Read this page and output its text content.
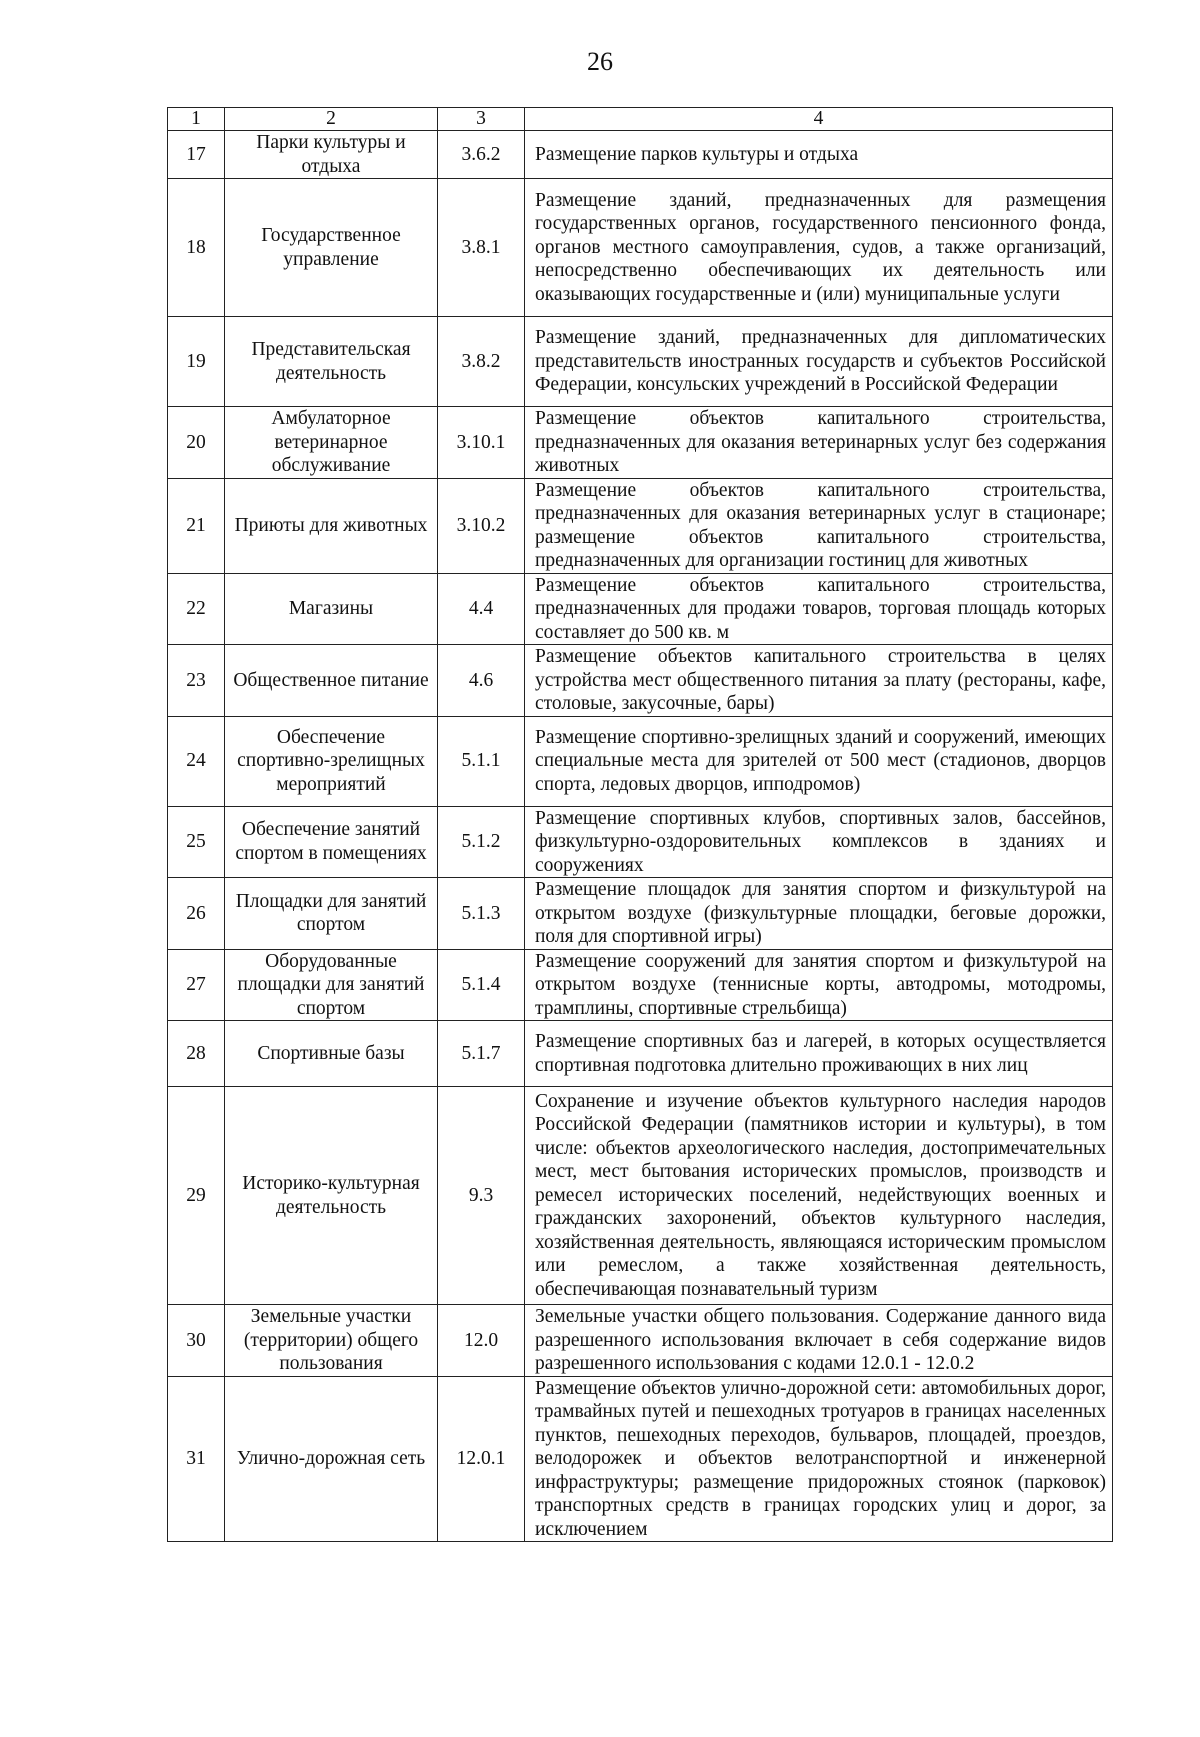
26
1	2	3	4
17	Парки культуры и отдыха	3.6.2	Размещение парков культуры и отдыха
18	Государственное управление	3.8.1	Размещение зданий, предназначенных для размещения государственных органов, государственного пенсионного фонда, органов местного самоуправления, судов, а также организаций, непосредственно обеспечивающих их деятельность или оказывающих государственные и (или) муниципальные услуги
19	Представительская деятельность	3.8.2	Размещение зданий, предназначенных для дипломатических представительств иностранных государств и субъектов Российской Федерации, консульских учреждений в Российской Федерации
20	Амбулаторное ветеринарное обслуживание	3.10.1	Размещение объектов капитального строительства, предназначенных для оказания ветеринарных услуг без содержания животных
21	Приюты для животных	3.10.2	Размещение объектов капитального строительства, предназначенных для оказания ветеринарных услуг в стационаре; размещение объектов капитального строительства, предназначенных для организации гостиниц для животных
22	Магазины	4.4	Размещение объектов капитального строительства, предназначенных для продажи товаров, торговая площадь которых составляет до 500 кв. м
23	Общественное питание	4.6	Размещение объектов капитального строительства в целях устройства мест общественного питания за плату (рестораны, кафе, столовые, закусочные, бары)
24	Обеспечение спортивно-зрелищных мероприятий	5.1.1	Размещение спортивно-зрелищных зданий и сооружений, имеющих специальные места для зрителей от 500 мест (стадионов, дворцов спорта, ледовых дворцов, ипподромов)
25	Обеспечение занятий спортом в помещениях	5.1.2	Размещение спортивных клубов, спортивных залов, бассейнов, физкультурно-оздоровительных комплексов в зданиях и сооружениях
26	Площадки для занятий спортом	5.1.3	Размещение площадок для занятия спортом и физкультурой на открытом воздухе (физкультурные площадки, беговые дорожки, поля для спортивной игры)
27	Оборудованные площадки для занятий спортом	5.1.4	Размещение сооружений для занятия спортом и физкультурой на открытом воздухе (теннисные корты, автодромы, мотодромы, трамплины, спортивные стрельбища)
28	Спортивные базы	5.1.7	Размещение спортивных баз и лагерей, в которых осуществляется спортивная подготовка длительно проживающих в них лиц
29	Историко-культурная деятельность	9.3	Сохранение и изучение объектов культурного наследия народов Российской Федерации (памятников истории и культуры), в том числе: объектов археологического наследия, достопримечательных мест, мест бытования исторических промыслов, производств и ремесел исторических поселений, недействующих военных и гражданских захоронений, объектов культурного наследия, хозяйственная деятельность, являющаяся историческим промыслом или ремеслом, а также хозяйственная деятельность, обеспечивающая познавательный туризм
30	Земельные участки (территории) общего пользования	12.0	Земельные участки общего пользования. Содержание данного вида разрешенного использования включает в себя содержание видов разрешенного использования с кодами 12.0.1 - 12.0.2
31	Улично-дорожная сеть	12.0.1	Размещение объектов улично-дорожной сети: автомобильных дорог, трамвайных путей и пешеходных тротуаров в границах населенных пунктов, пешеходных переходов, бульваров, площадей, проездов, велодорожек и объектов велотранспортной и инженерной инфраструктуры; размещение придорожных стоянок (парковок) транспортных средств в границах городских улиц и дорог, за исключением
